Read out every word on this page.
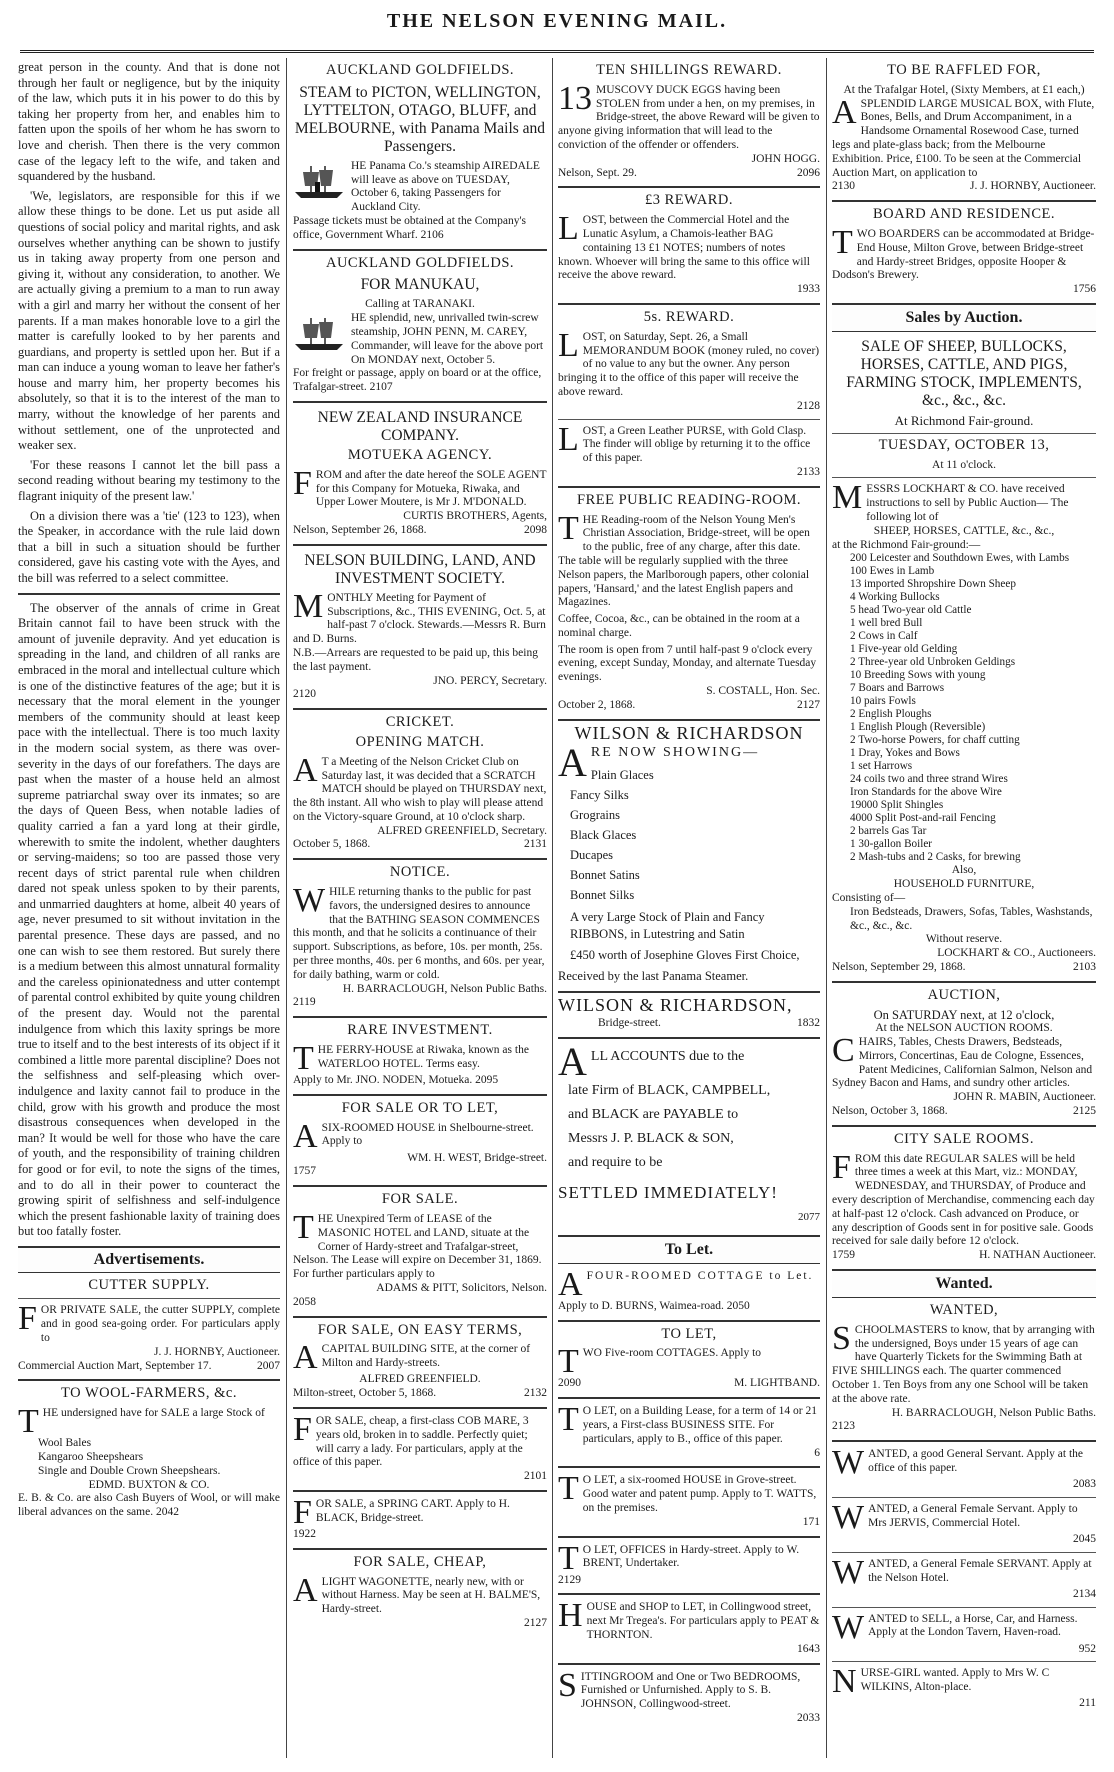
THE NELSON EVENING MAIL.

great person in the county. And that is done not through her fault or negligence, but by the iniquity of the law, which puts it in his power to do this by taking her property from her, and enables him to fatten upon the spoils of her whom he has sworn to love and cherish. Then there is the very common case of the legacy left to the wife, and taken and squandered by the husband.

'We, legislators, are responsible for this if we allow these things to be done. Let us put aside all questions of social policy and marital rights, and ask ourselves whether anything can be shown to justify us in taking away property from one person and giving it, without any consideration, to another. We are actually giving a premium to a man to run away with a girl and marry her without the consent of her parents. If a man makes honorable love to a girl the matter is carefully looked to by her parents and guardians, and property is settled upon her. But if a man can induce a young woman to leave her father's house and marry him, her property becomes his absolutely, so that it is to the interest of the man to marry, without the knowledge of her parents and without settlement, one of the unprotected and weaker sex.

'For these reasons I cannot let the bill pass a second reading without bearing my testimony to the flagrant iniquity of the present law.'

On a division there was a 'tie' (123 to 123), when the Speaker, in accordance with the rule laid down that a bill in such a situation should be further considered, gave his casting vote with the Ayes, and the bill was referred to a select committee.

The observer of the annals of crime in Great Britain cannot fail to have been struck with the amount of juvenile depravity. And yet education is spreading in the land, and children of all ranks are embraced in the moral and intellectual culture which is one of the distinctive features of the age; but it is necessary that the moral element in the younger members of the community should at least keep pace with the intellectual. There is too much laxity in the modern social system, as there was over-severity in the days of our forefathers. The days are past when the master of a house held an almost supreme patriarchal sway over its inmates; so are the days of Queen Bess, when notable ladies of quality carried a fan a yard long at their girdle, wherewith to smite the indolent, whether daughters or serving-maidens; so too are passed those very recent days of strict parental rule when children dared not speak unless spoken to by their parents, and unmarried daughters at home, albeit 40 years of age, never presumed to sit without invitation in the parental presence. These days are passed, and no one can wish to see them restored. But surely there is a medium between this almost unnatural formality and the careless opinionatedness and utter contempt of parental control exhibited by quite young children of the present day. Would not the parental indulgence from which this laxity springs be more true to itself and to the best interests of its object if it combined a little more parental discipline? Does not the selfishness and self-pleasing which over-indulgence and laxity cannot fail to produce in the child, grow with his growth and produce the most disastrous consequences when developed in the man? It would be well for those who have the care of youth, and the responsibility of training children for good or for evil, to note the signs of the times, and to do all in their power to counteract the growing spirit of selfishness and self-indulgence which the present fashionable laxity of training does but too fatally foster.

Advertisements.
CUTTER SUPPLY.
F OR PRIVATE SALE, the cutter SUPPLY, complete and in good sea-going order. For particulars apply to
J. J. HORNBY, Auctioneer.
Commercial Auction Mart, September 17.	2007
TO WOOL-FARMERS, &c.
T HE undersigned have for SALE a large Stock of
Wool Bales
Kangaroo Sheepshears
Single and Double Crown Sheepshears.
EDMD. BUXTON & CO.
E. B. & Co. are also Cash Buyers of Wool, or will make liberal advances on the same. 2042
AUCKLAND GOLDFIELDS.
STEAM to PICTON, WELLINGTON, LYTTELTON, OTAGO, BLUFF, and MELBOURNE, with Panama Mails and Passengers.
HE Panama Co.'s steamship AIREDALE will leave as above on TUESDAY, October 6, taking Passengers for Auckland City.
Passage tickets must be obtained at the Company's office, Government Wharf. 2106
AUCKLAND GOLDFIELDS.
FOR MANUKAU,
Calling at TARANAKI.
HE splendid, new, unrivalled twin-screw steamship, JOHN PENN, M. CAREY, Commander, will leave for the above port On MONDAY next, October 5.
For freight or passage, apply on board or at the office, Trafalgar-street. 2107
NEW ZEALAND INSURANCE COMPANY.
MOTUEKA AGENCY.
F ROM and after the date hereof the SOLE AGENT for this Company for Motueka, Riwaka, and Upper Lower Moutere, is Mr J. M'DONALD.
CURTIS BROTHERS, Agents,
Nelson, September 26, 1868.	2098
NELSON BUILDING, LAND, AND INVESTMENT SOCIETY.
M ONTHLY Meeting for Payment of Subscriptions, &c., THIS EVENING, Oct. 5, at half-past 7 o'clock. Stewards.—Messrs R. Burn and D. Burns.
N.B.—Arrears are requested to be paid up, this being the last payment.
JNO. PERCY, Secretary.
2120
CRICKET.
OPENING MATCH.
A T a Meeting of the Nelson Cricket Club on Saturday last, it was decided that a SCRATCH MATCH should be played on THURSDAY next, the 8th instant. All who wish to play will please attend on the Victory-square Ground, at 10 o'clock sharp.
ALFRED GREENFIELD, Secretary.
October 5, 1868.	2131
NOTICE.
W HILE returning thanks to the public for past favors, the undersigned desires to announce that the BATHING SEASON COMMENCES this month, and that he solicits a continuance of their support. Subscriptions, as before, 10s. per month, 25s. per three months, 40s. per 6 months, and 60s. per year, for daily bathing, warm or cold.
H. BARRACLOUGH, Nelson Public Baths.
2119
RARE INVESTMENT.
T HE FERRY-HOUSE at Riwaka, known as the WATERLOO HOTEL. Terms easy.
Apply to Mr. JNO. NODEN, Motueka. 2095
FOR SALE OR TO LET,
A SIX-ROOMED HOUSE in Shelbourne-street. Apply to
WM. H. WEST, Bridge-street.
1757
FOR SALE.
T HE Unexpired Term of LEASE of the MASONIC HOTEL and LAND, situate at the Corner of Hardy-street and Trafalgar-street, Nelson. The Lease will expire on December 31, 1869. For further particulars apply to
ADAMS & PITT, Solicitors, Nelson.
2058
FOR SALE, ON EASY TERMS,
A CAPITAL BUILDING SITE, at the corner of Milton and Hardy-streets.
ALFRED GREENFIELD.
Milton-street, October 5, 1868.	2132
F OR SALE, cheap, a first-class COB MARE, 3 years old, broken in to saddle. Perfectly quiet; will carry a lady. For particulars, apply at the office of this paper.
2101
F OR SALE, a SPRING CART. Apply to H. BLACK, Bridge-street.
1922
FOR SALE, CHEAP,
A LIGHT WAGONETTE, nearly new, with or without Harness. May be seen at H. BALME'S, Hardy-street.
2127
TEN SHILLINGS REWARD.
13 MUSCOVY DUCK EGGS having been STOLEN from under a hen, on my premises, in Bridge-street, the above Reward will be given to anyone giving information that will lead to the conviction of the offender or offenders.
JOHN HOGG.
Nelson, Sept. 29.	2096
£3 REWARD.
L OST, between the Commercial Hotel and the Lunatic Asylum, a Chamois-leather BAG containing 13 £1 NOTES; numbers of notes known. Whoever will bring the same to this office will receive the above reward.
1933
5s. REWARD.
L OST, on Saturday, Sept. 26, a Small MEMORANDUM BOOK (money ruled, no cover) of no value to any but the owner. Any person bringing it to the office of this paper will receive the above reward.
2128
L OST, a Green Leather PURSE, with Gold Clasp. The finder will oblige by returning it to the office of this paper.
2133
FREE PUBLIC READING-ROOM.
T HE Reading-room of the Nelson Young Men's Christian Association, Bridge-street, will be open to the public, free of any charge, after this date. The table will be regularly supplied with the three Nelson papers, the Marlborough papers, other colonial papers, 'Hansard,' and the latest English papers and Magazines.
Coffee, Cocoa, &c., can be obtained in the room at a nominal charge.
The room is open from 7 until half-past 9 o'clock every evening, except Sunday, Monday, and alternate Tuesday evenings.
S. COSTALL, Hon. Sec.
October 2, 1868.	2127
WILSON & RICHARDSON
A RE NOW SHOWING—
Plain Glaces
Fancy Silks
Grograins
Black Glaces
Ducapes
Bonnet Satins
Bonnet Silks
A very Large Stock of Plain and Fancy RIBBONS, in Lutestring and Satin
£450 worth of Josephine Gloves First Choice,
Received by the last Panama Steamer.
WILSON & RICHARDSON,
Bridge-street.	1832
A LL ACCOUNTS due to the
late Firm of BLACK, CAMPBELL,
and BLACK are PAYABLE to
Messrs J. P. BLACK & SON,
and require to be
SETTLED IMMEDIATELY!
2077
To Let.
A FOUR-ROOMED COTTAGE to Let.
Apply to D. BURNS, Waimea-road. 2050
TO LET,
T WO Five-room COTTAGES. Apply to
2090	M. LIGHTBAND.
T O LET, on a Building Lease, for a term of 14 or 21 years, a First-class BUSINESS SITE. For particulars, apply to B., office of this paper.
6
T O LET, a six-roomed HOUSE in Grove-street. Good water and patent pump. Apply to T. WATTS, on the premises.
171
T O LET, OFFICES in Hardy-street. Apply to W. BRENT, Undertaker.
2129
H OUSE and SHOP to LET, in Collingwood street, next Mr Tregea's. For particulars apply to PEAT & THORNTON.
1643
S ITTINGROOM and One or Two BEDROOMS, Furnished or Unfurnished. Apply to S. B. JOHNSON, Collingwood-street.
2033
TO BE RAFFLED FOR,
At the Trafalgar Hotel, (Sixty Members, at £1 each,)
A SPLENDID LARGE MUSICAL BOX, with Flute, Bones, Bells, and Drum Accompaniment, in a Handsome Ornamental Rosewood Case, turned legs and plate-glass back; from the Melbourne Exhibition. Price, £100. To be seen at the Commercial Auction Mart, on application to
2130	J. J. HORNBY, Auctioneer.
BOARD AND RESIDENCE.
T WO BOARDERS can be accommodated at Bridge-End House, Milton Grove, between Bridge-street and Hardy-street Bridges, opposite Hooper & Dodson's Brewery.
1756
Sales by Auction.
SALE OF SHEEP, BULLOCKS, HORSES, CATTLE, AND PIGS, FARMING STOCK, IMPLEMENTS, &c., &c., &c.
At Richmond Fair-ground.
TUESDAY, OCTOBER 13,
At 11 o'clock.
M ESSRS LOCKHART & CO. have received instructions to sell by Public Auction— The following lot of
SHEEP, HORSES, CATTLE, &c., &c.,
at the Richmond Fair-ground:—
200 Leicester and Southdown Ewes, with Lambs
100 Ewes in Lamb
13 imported Shropshire Down Sheep
4 Working Bullocks
5 head Two-year old Cattle
1 well bred Bull
2 Cows in Calf
1 Five-year old Gelding
2 Three-year old Unbroken Geldings
10 Breeding Sows with young
7 Boars and Barrows
10 pairs Fowls
2 English Ploughs
1 English Plough (Reversible)
2 Two-horse Powers, for chaff cutting
1 Dray, Yokes and Bows
1 set Harrows
24 coils two and three strand Wires
Iron Standards for the above Wire
19000 Split Shingles
4000 Split Post-and-rail Fencing
2 barrels Gas Tar
1 30-gallon Boiler
2 Mash-tubs and 2 Casks, for brewing
Also,
HOUSEHOLD FURNITURE,
Consisting of—
Iron Bedsteads, Drawers, Sofas, Tables, Washstands, &c., &c., &c.
Without reserve.
LOCKHART & CO., Auctioneers.
Nelson, September 29, 1868.	2103
AUCTION,
On SATURDAY next, at 12 o'clock,
At the NELSON AUCTION ROOMS.
C HAIRS, Tables, Chests Drawers, Bedsteads, Mirrors, Concertinas, Eau de Cologne, Essences, Patent Medicines, Californian Salmon, Nelson and Sydney Bacon and Hams, and sundry other articles.
JOHN R. MABIN, Auctioneer.
Nelson, October 3, 1868.	2125
CITY SALE ROOMS.
F ROM this date REGULAR SALES will be held three times a week at this Mart, viz.: MONDAY, WEDNESDAY, and THURSDAY, of Produce and every description of Merchandise, commencing each day at half-past 12 o'clock. Cash advanced on Produce, or any description of Goods sent in for positive sale. Goods received for sale daily before 12 o'clock.
1759	H. NATHAN Auctioneer.
Wanted.
WANTED,
S CHOOLMASTERS to know, that by arranging with the undersigned, Boys under 15 years of age can have Quarterly Tickets for the Swimming Bath at FIVE SHILLINGS each. The quarter commenced October 1. Ten Boys from any one School will be taken at the above rate.
H. BARRACLOUGH, Nelson Public Baths.
2123
W ANTED, a good General Servant. Apply at the office of this paper.
2083
W ANTED, a General Female Servant. Apply to Mrs JERVIS, Commercial Hotel.
2045
W ANTED, a General Female SERVANT. Apply at the Nelson Hotel.
2134
W ANTED to SELL, a Horse, Car, and Harness. Apply at the London Tavern, Haven-road.
952
N URSE-GIRL wanted. Apply to Mrs W. C WILKINS, Alton-place.
211
